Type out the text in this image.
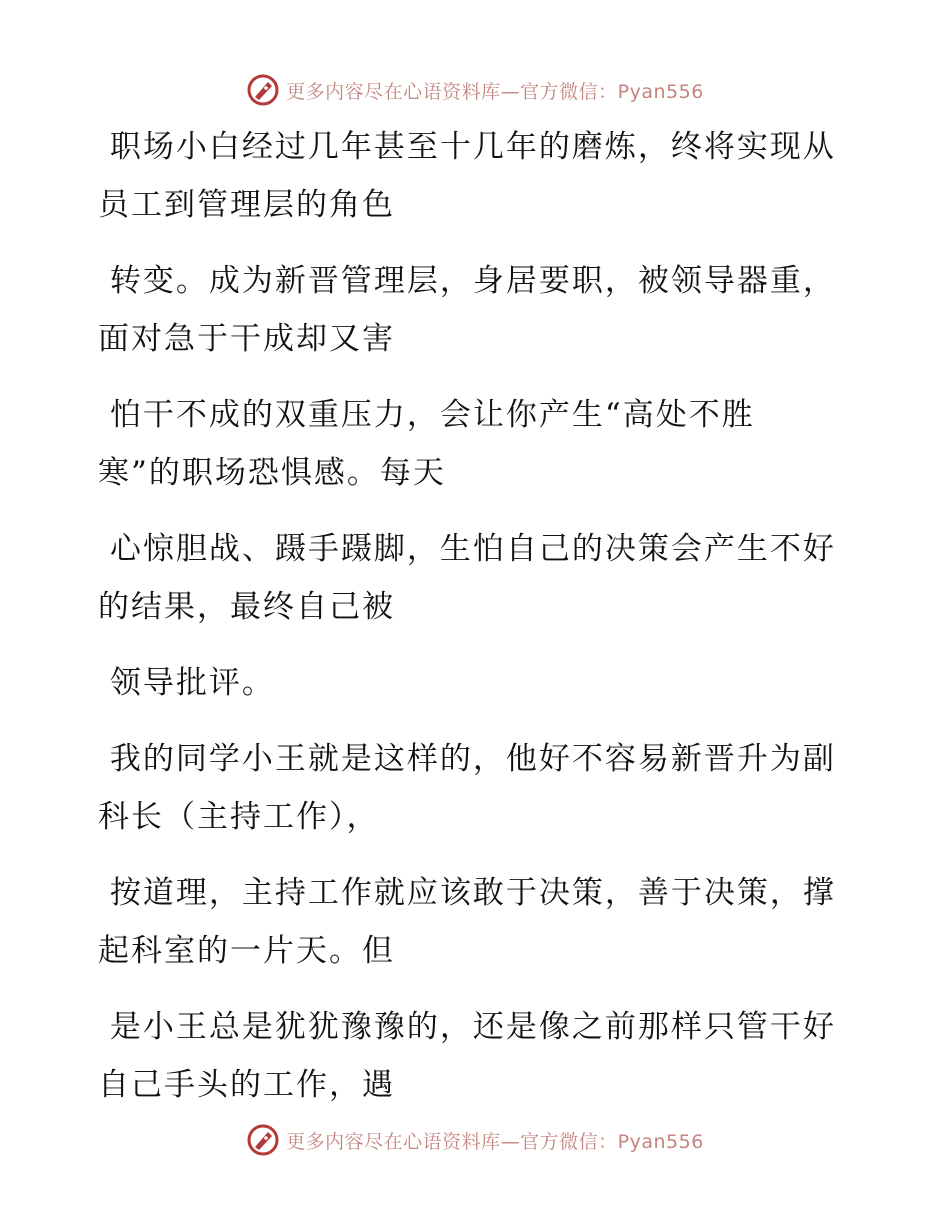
更多内容尽在心语资料库—官方微信：Pyan556

职场小白经过几年甚至十几年的磨炼，终将实现从员工到管理层的角色

转变。成为新晋管理层，身居要职，被领导器重，面对急于干成却又害

怕干不成的双重压力，会让你产生“高处不胜寒”的职场恐惧感。每天

心惊胆战、蹑手蹑脚，生怕自己的决策会产生不好的结果，最终自己被

领导批评。

我的同学小王就是这样的，他好不容易新晋升为副科长（主持工作），

按道理，主持工作就应该敢于决策，善于决策，撑起科室的一片天。但

是小王总是犹犹豫豫的，还是像之前那样只管干好自己手头的工作，遇

更多内容尽在心语资料库—官方微信：Pyan556
